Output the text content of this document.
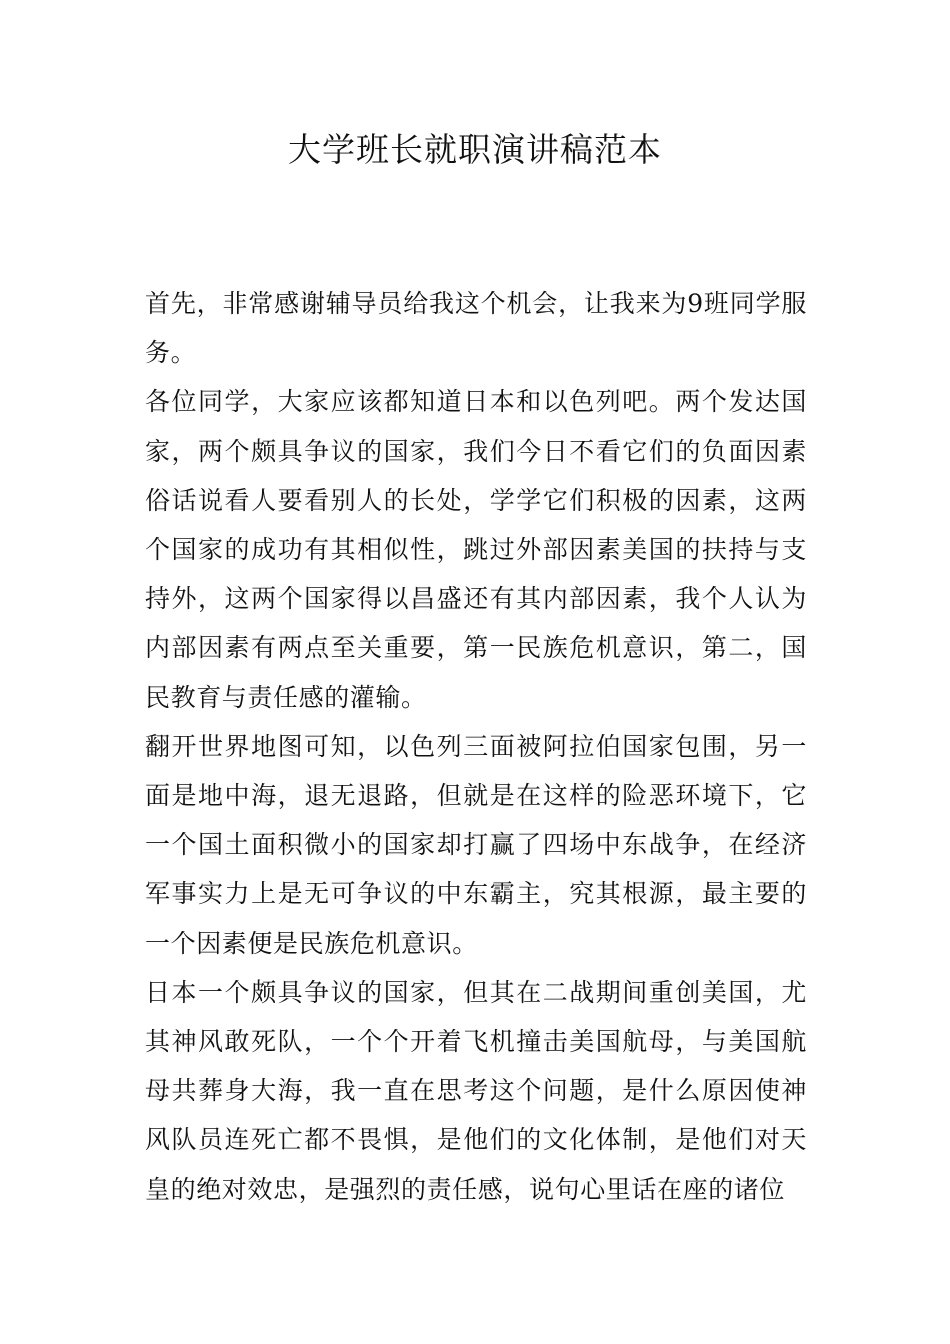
大学班长就职演讲稿范本

首先，非常感谢辅导员给我这个机会，让我来为9班同学服务。

各位同学，大家应该都知道日本和以色列吧。两个发达国家，两个颇具争议的国家，我们今日不看它们的负面因素俗话说看人要看别人的长处，学学它们积极的因素，这两个国家的成功有其相似性，跳过外部因素美国的扶持与支持外，这两个国家得以昌盛还有其内部因素，我个人认为内部因素有两点至关重要，第一民族危机意识，第二，国民教育与责任感的灌输。

翻开世界地图可知，以色列三面被阿拉伯国家包围，另一面是地中海，退无退路，但就是在这样的险恶环境下，它一个国土面积微小的国家却打赢了四场中东战争，在经济军事实力上是无可争议的中东霸主，究其根源，最主要的一个因素便是民族危机意识。

日本一个颇具争议的国家，但其在二战期间重创美国，尤其神风敢死队，一个个开着飞机撞击美国航母，与美国航母共葬身大海，我一直在思考这个问题，是什么原因使神风队员连死亡都不畏惧，是他们的文化体制，是他们对天皇的绝对效忠，是强烈的责任感，说句心里话在座的诸位
